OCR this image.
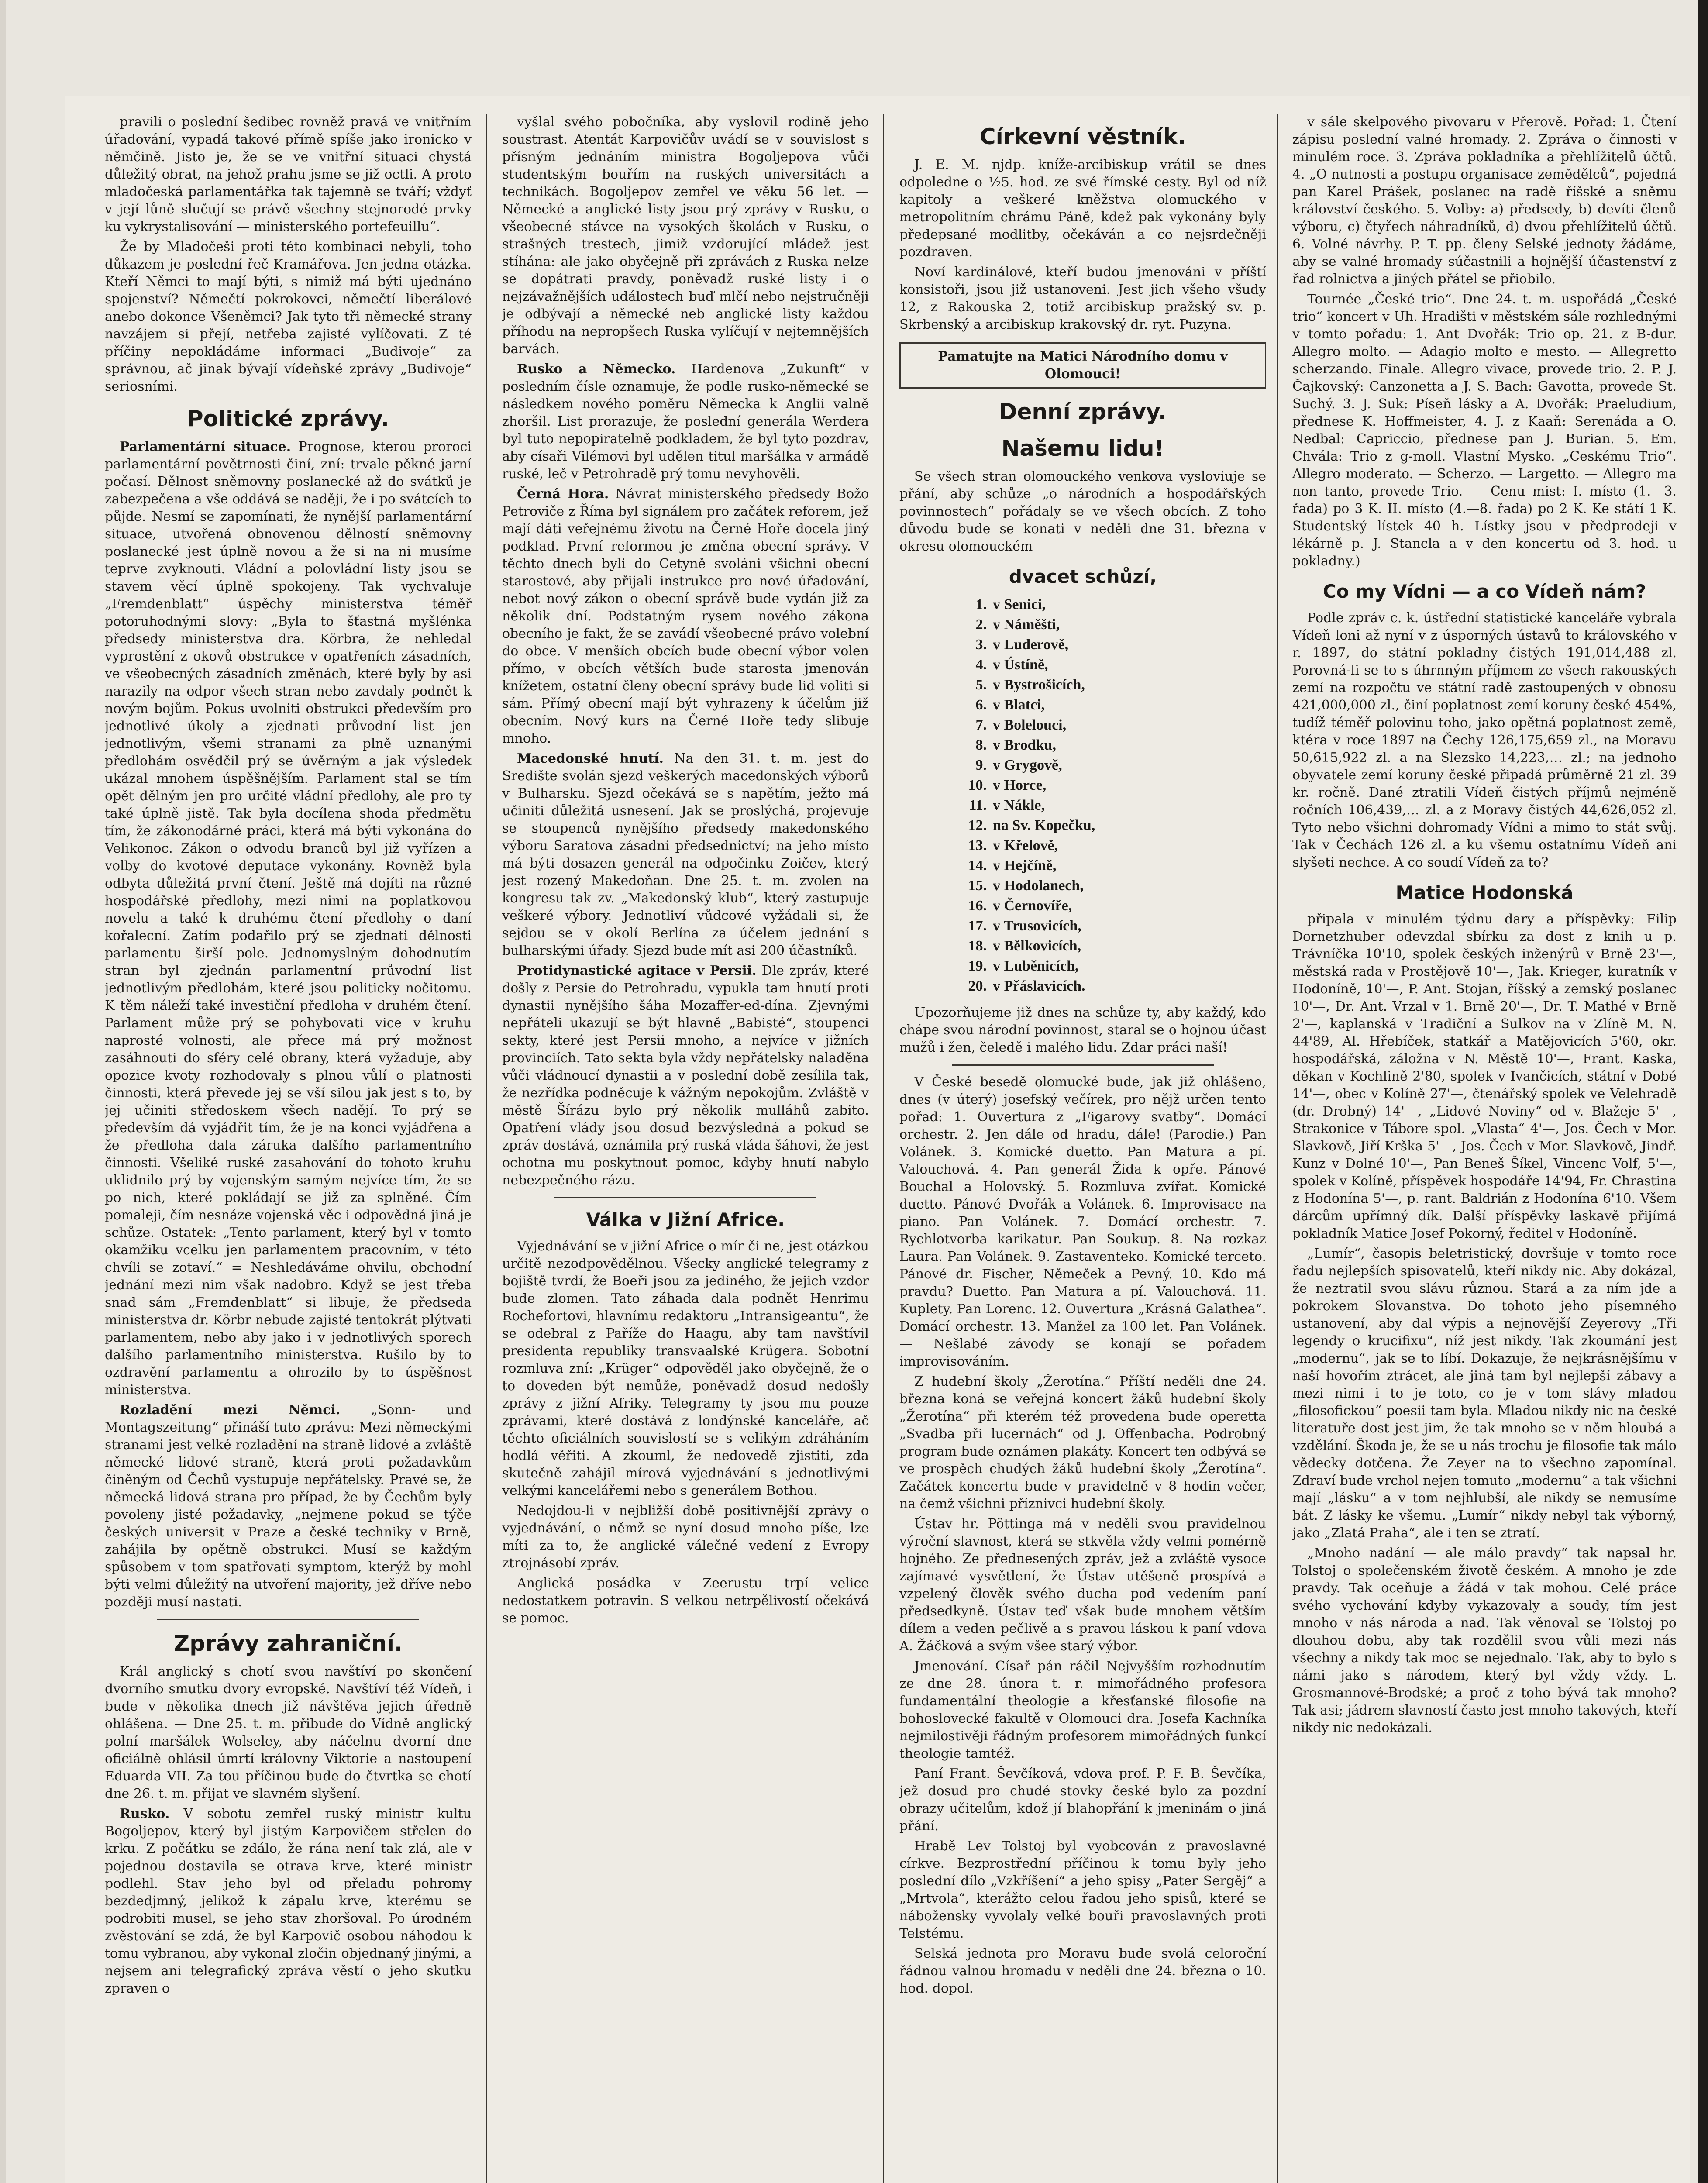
pravili o poslední šedibec rovněž pravá ve vnitřním úřadování, vypadá takové přímě spíše jako ironicko v němčině. Jisto je, že se ve vnitřní situaci chystá důležitý obrat, na jehož prahu jsme se již octli. A proto mladočeská parlamentářka tak tajemně se tváří; vždyť v její lůně slučují se právě všechny stejnorodé prvky ku vykrystalisování — ministerského portefeuillu“.

Že by Mladočeši proti této kombinaci nebyli, toho důkazem je poslední řeč Kramářova. Jen jedna otázka. Kteří Němci to mají býti, s nimiž má býti ujednáno spojenství? Němečtí pokrokovci, němečtí liberálové anebo dokonce Všeněmci? Jak tyto tři německé strany navzájem si přejí, netřeba zajisté vylíčovati. Z té příčiny nepokládáme informaci „Budivoje“ za správnou, ač jinak bývají vídeňské zprávy „Budivoje“ seriosními.

Politické zprávy.

Parlamentární situace. Prognose, kterou proroci parlamentární povětrnosti činí, zní: trvale pěkné jarní počasí. Dělnost sněmovny poslanecké až do svátků je zabezpečena a vše oddává se naději, že i po svátcích to půjde. Nesmí se zapomínati, že nynější parlamentární situace, utvořená obnovenou dělností sněmovny poslanecké jest úplně novou a že si na ni musíme teprve zvyknouti. Vládní a polovládní listy jsou se stavem věcí úplně spokojeny. Tak vychvaluje „Fremdenblatt“ úspěchy ministerstva téměř potoruhodnými slovy: „Byla to šťastná myšlénka předsedy ministerstva dra. Körbra, že nehledal vyprostění z okovů obstrukce v opatřeních zásadních, ve všeobecných zásadních změnách, které byly by asi narazily na odpor všech stran nebo zavdaly podnět k novým bojům. Pokus uvolniti obstrukci především pro jednotlivé úkoly a zjednati průvodní list jen jednotlivým, všemi stranami za plně uznanými předlohám osvědčil prý se úvěrným a jak výsledek ukázal mnohem úspěšnějším. Parlament stal se tím opět dělným jen pro určité vládní předlohy, ale pro ty také úplně jistě. Tak byla docílena shoda předmětu tím, že zákonodárné práci, která má býti vykonána do Velikonoc. Zákon o odvodu branců byl již vyřízen a volby do kvotové deputace vykonány. Rovněž byla odbyta důležitá první čtení. Ještě má dojíti na různé hospodářské předlohy, mezi nimi na poplatkovou novelu a také k druhému čtení předlohy o daní kořalecní. Zatím podařilo prý se zjednati dělnosti parlamentu širší pole. Jednomyslným dohodnutím stran byl zjednán parlamentní průvodní list jednotlivým předlohám, které jsou politicky nočitomu. K těm náleží také investiční předloha v druhém čtení. Parlament může prý se pohybovati vice v kruhu naprosté volnosti, ale přece má prý možnost zasáhnouti do sféry celé obrany, která vyžaduje, aby opozice kvoty rozhodovaly s plnou vůlí o platnosti činnosti, která převede jej se vší silou jak jest s to, by jej učiniti středoskem všech nadějí. To prý se především dá vyjádřit tím, že je na konci vyjádřena a že předloha dala záruka dalšího parlamentního činnosti. Všeliké ruské zasahování do tohoto kruhu uklidnilo prý by vojenským samým nejvíce tím, že se po nich, které pokládají se již za splněné. Čím pomaleji, čím nesnáze vojenská věc i odpovědná jiná je schůze. Ostatek: „Tento parlament, který byl v tomto okamžiku vcelku jen parlamentem pracovním, v této chvíli se zotaví.“ = Neshledáváme ohvilu, obchodní jednání mezi nim však nadobro. Když se jest třeba snad sám „Fremdenblatt“ si libuje, že předseda ministerstva dr. Körbr nebude zajisté tentokrát plýtvati parlamentem, nebo aby jako i v jednotlivých sporech dalšího parlamentního ministerstva. Rušilo by to ozdravění parlamentu a ohrozilo by to úspěšnost ministerstva.

Rozladění mezi Němci. „Sonn- und Montagszeitung“ přináší tuto zprávu: Mezi německými stranami jest velké rozladění na straně lidové a zvláště německé lidové straně, která proti požadavkům činěným od Čechů vystupuje nepřátelsky. Pravé se, že německá lidová strana pro případ, že by Čechům byly povoleny jisté požadavky, „nejmene pokud se týče českých universit v Praze a české techniky v Brně, zahájila by opětně obstrukci. Musí se každým spůsobem v tom spatřovati symptom, kterýž by mohl býti velmi důležitý na utvoření majority, jež dříve nebo později musí nastati.

Zprávy zahraniční.

Král anglický s chotí svou navštíví po skončení dvorního smutku dvory evropské. Navštíví též Vídeň, i bude v několika dnech již návštěva jejich úředně ohlášena. — Dne 25. t. m. přibude do Vídně anglický polní maršálek Wolseley, aby náčelnu dvorní dne oficiálně ohlásil úmrtí královny Viktorie a nastoupení Eduarda VII. Za tou příčinou bude do čtvrtka se chotí dne 26. t. m. přijat ve slavném slyšení.

Rusko. V sobotu zemřel ruský ministr kultu Bogoljepov, který byl jistým Karpovičem střelen do krku. Z počátku se zdálo, že rána není tak zlá, ale v pojednou dostavila se otrava krve, které ministr podlehl. Stav jeho byl od přeladu pohromy bezdedjmný, jelikož k zápalu krve, kterému se podrobiti musel, se jeho stav zhoršoval. Po úrodném zvěstování se zdá, že byl Karpovič osobou náhodou k tomu vybranou, aby vykonal zločin objednaný jinými, a nejsem ani telegrafický zpráva věstí o jeho skutku zpraven o

vyšlal svého pobočníka, aby vyslovil rodině jeho soustrast. Atentát Karpovičův uvádí se v souvislost s přísným jednáním ministra Bogoljepova vůči studentským bouřím na ruských universitách a technikách. Bogoljepov zemřel ve věku 56 let. — Německé a anglické listy jsou prý zprávy v Rusku, o všeobecné stávce na vysokých školách v Rusku, o strašných trestech, jimiž vzdorující mládež jest stíhána: ale jako obyčejně při zprávách z Ruska nelze se dopátrati pravdy, poněvadž ruské listy i o nejzávažnějších událostech buď mlčí nebo nejstručněji je odbývají a německé neb anglické listy každou příhodu na nepropšech Ruska vylíčují v nejtemnějších barvách.

Rusko a Německo. Hardenova „Zukunft“ v posledním čísle oznamuje, že podle rusko-německé se následkem nového poměru Německa k Anglii valně zhoršil. List prorazuje, že poslední generála Werdera byl tuto nepopiratelně podkladem, že byl tyto pozdrav, aby císaři Vilémovi byl udělen titul maršálka v armádě ruské, leč v Petrohradě prý tomu nevyhověli.

Černá Hora. Návrat ministerského předsedy Božo Petroviče z Říma byl signálem pro začátek reforem, jež mají dáti veřejnému životu na Černé Hoře docela jiný podklad. První reformou je změna obecní správy. V těchto dnech byli do Cetyně svoláni všichni obecní starostové, aby přijali instrukce pro nové úřadování, nebot nový zákon o obecní správě bude vydán již za několik dní. Podstatným rysem nového zákona obecního je fakt, že se zavádí všeobecné právo volební do obce. V menších obcích bude obecní výbor volen přímo, v obcích větších bude starosta jmenován knížetem, ostatní členy obecní správy bude lid voliti si sám. Přímý obecní mají být vyhrazeny k účelům již obecním. Nový kurs na Černé Hoře tedy slibuje mnoho.

Macedonské hnutí. Na den 31. t. m. jest do Središte svolán sjezd veškerých macedonských výborů v Bulharsku. Sjezd očekává se s napětím, ježto má učiniti důležitá usnesení. Jak se proslýchá, projevuje se stoupenců nynějšího předsedy makedonského výboru Saratova zásadní předsednictví; na jeho místo má býti dosazen generál na odpočinku Zoičev, který jest rozený Makedoňan. Dne 25. t. m. zvolen na kongresu tak zv. „Makedonský klub“, který zastupuje veškeré výbory. Jednotliví vůdcové vyžádali si, že sejdou se v okolí Berlína za účelem jednání s bulharskými úřady. Sjezd bude mít asi 200 účastníků.

Protidynastické agitace v Persii. Dle zpráv, které došly z Persie do Petrohradu, vypukla tam hnutí proti dynastii nynějšího šáha Mozaffer-ed-dína. Zjevnými nepřáteli ukazují se být hlavně „Babisté“, stoupenci sekty, které jest Persii mnoho, a nejvíce v jižních provinciích. Tato sekta byla vždy nepřátelsky naladěna vůči vládnoucí dynastii a v poslední době zesílila tak, že nezřídka podněcuje k vážným nepokojům. Zvláště v městě Šírázu bylo prý několik mulláhů zabito. Opatření vlády jsou dosud bezvýsledná a pokud se zpráv dostává, oznámila prý ruská vláda šáhovi, že jest ochotna mu poskytnout pomoc, kdyby hnutí nabylo nebezpečného rázu.

Válka v Jižní Africe.

Vyjednávání se v jižní Africe o mír či ne, jest otázkou určitě nezodpovědělnou. Všecky anglické telegramy z bojiště tvrdí, že Boeři jsou za jediného, že jejich vzdor bude zlomen. Tato záhada dala podnět Henrimu Rochefortovi, hlavnímu redaktoru „Intransigeantu“, že se odebral z Paříže do Haagu, aby tam navštívil presidenta republiky transvaalské Krügera. Sobotní rozmluva zní: „Krüger“ odpověděl jako obyčejně, že o to doveden být nemůže, poněvadž dosud nedošly zprávy z jižní Afriky. Telegramy ty jsou mu pouze zprávami, které dostává z londýnské kanceláře, ač těchto oficiálních souvislostí se s velikým zdráháním hodlá věřiti. A zkouml, že nedovedě zjistiti, zda skutečně zahájil mírová vyjednávání s jednotlivými velkými kancelářemi nebo s generálem Bothou.

Nedojdou-li v nejbližší době positivnější zprávy o vyjednávání, o němž se nyní dosud mnoho píše, lze míti za to, že anglické válečné vedení z Evropy ztrojnásobí zpráv.

Anglická posádka v Zeerustu trpí velice nedostatkem potravin. S velkou netrpělivostí očekává se pomoc.

Církevní věstník.

J. E. M. njdp. kníže-arcibiskup vrátil se dnes odpoledne o ½5. hod. ze své římské cesty. Byl od níž kapitoly a veškeré kněžstva olomuckého v metropolitním chrámu Páně, kdež pak vykonány byly předepsané modlitby, očekáván a co nejsrdečněji pozdraven.

Noví kardinálové, kteří budou jmenováni v příští konsistoři, jsou již ustanoveni. Jest jich všeho všudy 12, z Rakouska 2, totiž arcibiskup pražský sv. p. Skrbenský a arcibiskup krakovský dr. ryt. Puzyna.

Pamatujte na Matici Národního domu v Olomouci!
Denní zprávy.
Našemu lidu!

Se všech stran olomouckého venkova vysloviuje se přání, aby schůze „o národních a hospodářských povinnostech“ pořádaly se ve všech obcích. Z toho důvodu bude se konati v neděli dne 31. března v okresu olomouckém

dvacet schůzí,
1. v Senici,
2. v Náměšti,
3. v Luderově,
4. v Ústíně,
5. v Bystrošicích,
6. v Blatci,
7. v Bolelouci,
8. v Brodku,
9. v Grygově,
10. v Horce,
11. v Nákle,
12. na Sv. Kopečku,
13. v Křelově,
14. v Hejčíně,
15. v Hodolanech,
16. v Černovíře,
17. v Trusovicích,
18. v Bělkovicích,
19. v Luběnicích,
20. v Přáslavicích.

Upozorňujeme již dnes na schůze ty, aby každý, kdo chápe svou národní povinnost, staral se o hojnou účast mužů i žen, čeledě i malého lidu. Zdar práci naší!

V České besedě olomucké bude, jak již ohlášeno, dnes (v úterý) josefský večírek, pro nějž určen tento pořad: 1. Ouvertura z „Figarovy svatby“. Domácí orchestr. 2. Jen dále od hradu, dále! (Parodie.) Pan Volánek. 3. Komické duetto. Pan Matura a pí. Valouchová. 4. Pan generál Žida k opře. Pánové Bouchal a Holovský. 5. Rozmluva zvířat. Komické duetto. Pánové Dvořák a Volánek. 6. Improvisace na piano. Pan Volánek. 7. Domácí orchestr. 7. Rychlotvorba karikatur. Pan Soukup. 8. Na rozkaz Laura. Pan Volánek. 9. Zastaventeko. Komické terceto. Pánové dr. Fischer, Němeček a Pevný. 10. Kdo má pravdu? Duetto. Pan Matura a pí. Valouchová. 11. Kuplety. Pan Lorenc. 12. Ouvertura „Krásná Galathea“. Domácí orchestr. 13. Manžel za 100 let. Pan Volánek. — Nešlabé závody se konají se pořadem improvisováním.

Z hudební školy „Žerotína.“ Příští neděli dne 24. března koná se veřejná koncert žáků hudební školy „Žerotína“ při kterém též provedena bude operetta „Svadba při lucernách“ od J. Offenbacha. Podrobný program bude oznámen plakáty. Koncert ten odbývá se ve prospěch chudých žáků hudební školy „Žerotína“. Začátek koncertu bude v pravidelně v 8 hodin večer, na čemž všichni příznivci hudební školy.

Ústav hr. Pöttinga má v neděli svou pravidelnou výroční slavnost, která se stkvěla vždy velmi pomérně hojného. Ze přednesených zpráv, jež a zvláště vysoce zajímavé vysvětlení, že Ústav utěšeně prospívá a vzpelený člověk svého ducha pod vedením paní předsedkyně. Ústav teď však bude mnohem větším dílem a veden pečlivě a s pravou láskou k paní vdova A. Žáčková a svým všee starý výbor.

Jmenování. Císař pán ráčil Nejvyšším rozhodnutím ze dne 28. února t. r. mimořádného profesora fundamentální theologie a křesťanské filosofie na bohoslovecké fakultě v Olomouci dra. Josefa Kachníka nejmilostivěji řádným profesorem mimořádných funkcí theologie tamtéž.

Paní Frant. Ševčíková, vdova prof. P. F. B. Ševčíka, jež dosud pro chudé stovky české bylo za pozdní obrazy učitelům, kdož jí blahopřání k jmeninám o jiná přání.

Hrabě Lev Tolstoj byl vyobcován z pravoslavné církve. Bezprostřední příčinou k tomu byly jeho poslední dílo „Vzkříšení“ a jeho spisy „Pater Sergěj“ a „Mrtvola“, kterážto celou řadou jeho spisů, které se nábožensky vyvolaly velké bouři pravoslavných proti Telstému.

Selská jednota pro Moravu bude svolá celoroční řádnou valnou hromadu v neděli dne 24. března o 10. hod. dopol.

v sále skelpového pivovaru v Přerově. Pořad: 1. Čtení zápisu poslední valné hromady. 2. Zpráva o činnosti v minulém roce. 3. Zpráva pokladníka a přehlížitelů účtů. 4. „O nutnosti a postupu organisace zemědělců“, pojedná pan Karel Prášek, poslanec na radě říšské a sněmu království českého. 5. Volby: a) předsedy, b) devíti členů výboru, c) čtyřech náhradníků, d) dvou přehlížitelů účtů. 6. Volné návrhy. P. T. pp. členy Selské jednoty žádáme, aby se valné hromady súčastnili a hojnější účastenství z řad rolnictva a jiných přátel se přiobilo.

Tournée „České trio“. Dne 24. t. m. uspořádá „České trio“ koncert v Uh. Hradišti v městském sále rozhlednými v tomto pořadu: 1. Ant Dvořák: Trio op. 21. z B-dur. Allegro molto. — Adagio molto e mesto. — Allegretto scherzando. Finale. Allegro vivace, provede trio. 2. P. J. Čajkovský: Canzonetta a J. S. Bach: Gavotta, provede St. Suchý. 3. J. Suk: Píseň lásky a A. Dvořák: Praeludium, přednese K. Hoffmeister, 4. J. z Kaaň: Serenáda a O. Nedbal: Capriccio, přednese pan J. Burian. 5. Em. Chvála: Trio z g-moll. Vlastní Mysko. „Ceskému Trio“. Allegro moderato. — Scherzo. — Largetto. — Allegro ma non tanto, provede Trio. — Cenu mist: I. místo (1.—3. řada) po 3 K. II. místo (4.—8. řada) po 2 K. Ke státí 1 K. Studentský lístek 40 h. Lístky jsou v předprodeji v lékárně p. J. Stancla a v den koncertu od 3. hod. u pokladny.)

Co my Vídni — a co Vídeň nám?

Podle zpráv c. k. ústřední statistické kanceláře vybrala Vídeň loni až nyní v z úsporných ústavů to královského v r. 1897, do státní pokladny čistých 191,014,488 zl. Porovná-li se to s úhrnným příjmem ze všech rakouských zemí na rozpočtu ve státní radě zastoupených v obnosu 421,000,000 zl., činí poplatnost zemí koruny české 454%, tudíž téměř polovinu toho, jako opětná poplatnost země, ktéra v roce 1897 na Čechy 126,175,659 zl., na Moravu 50,615,922 zl. a na Slezsko 14,223,… zl.; na jednoho obyvatele zemí koruny české připadá průměrně 21 zl. 39 kr. ročně. Dané ztratili Vídeň čistých příjmů nejméně ročních 106,439,… zl. a z Moravy čistých 44,626,052 zl. Tyto nebo všichni dohromady Vídni a mimo to stát svůj. Tak v Čechách 126 zl. a ku všemu ostatnímu Vídeň ani slyšeti nechce. A co soudí Vídeň za to?

Matice Hodonská

připala v minulém týdnu dary a příspěvky: Filip Dornetzhuber odevzdal sbírku za dost z knih u p. Trávníčka 10'10, spolek českých inženýrů v Brně 23'—, městská rada v Prostějově 10'—, Jak. Krieger, kuratník v Hodoníně, 10'—, P. Ant. Stojan, říšský a zemský poslanec 10'—, Dr. Ant. Vrzal v 1. Brně 20'—, Dr. T. Mathé v Brně 2'—, kaplanská v Tradiční a Sulkov na v Zlíně M. N. 44'89, Al. Hřebíček, statkář a Matějovicích 5'60, okr. hospodářská, záložna v N. Městě 10'—, Frant. Kaska, děkan v Kochlině 2'80, spolek v Ivančicích, státní v Dobé 14'—, obec v Kolíně 27'—, čtenářský spolek ve Velehradě (dr. Drobný) 14'—, „Lidové Noviny“ od v. Blažeje 5'—, Strakonice v Tábore spol. „Vlasta“ 4'—, Jos. Čech v Mor. Slavkově, Jiří Krška 5'—, Jos. Čech v Mor. Slavkově, Jindř. Kunz v Dolné 10'—, Pan Beneš Šíkel, Vincenc Volf, 5'—, spolek v Kolíně, příspěvek hospodáře 14'94, Fr. Chrastina z Hodonína 5'—, p. rant. Baldrián z Hodonína 6'10. Všem dárcům upřímný dík. Další příspěvky laskavě přijímá pokladník Matice Josef Pokorný, ředitel v Hodoníně.

„Lumír“, časopis beletristický, dovršuje v tomto roce řadu nejlepších spisovatelů, kteří nikdy nic. Aby dokázal, že neztratil svou slávu různou. Stará a za ním jde a pokrokem Slovanstva. Do tohoto jeho písemného ustanovení, aby dal výpis a nejnovější Zeyerovy „Tři legendy o krucifixu“, níž jest nikdy. Tak zkoumání jest „modernu“, jak se to líbí. Dokazuje, že nejkrásnějšímu v naší hovořím ztrácet, ale jiná tam byl nejlepší zábavy a mezi nimi i to je toto, co je v tom slávy mladou „filosofickou“ poesii tam byla. Mladou nikdy nic na české literatuře dost jest jim, že tak mnoho se v něm hloubá a vzdělání. Škoda je, že se u nás trochu je filosofie tak málo vědecky dotčena. Že Zeyer na to všechno zapomínal. Zdraví bude vrchol nejen tomuto „modernu“ a tak všichni mají „lásku“ a v tom nejhlubší, ale nikdy se nemusíme bát. Z lásky ke všemu. „Lumír“ nikdy nebyl tak výborný, jako „Zlatá Praha“, ale i ten se ztratí.

„Mnoho nadání — ale málo pravdy“ tak napsal hr. Tolstoj o společenském životě českém. A mnoho je zde pravdy. Tak oceňuje a žádá v tak mohou. Celé práce svého vychování kdyby vykazovaly a soudy, tím jest mnoho v nás národa a nad. Tak věnoval se Tolstoj po dlouhou dobu, aby tak rozdělil svou vůli mezi nás všechny a nikdy tak moc se nejednalo. Tak, aby to bylo s námi jako s národem, který byl vždy vždy. L. Grosmannové-Brodské; a proč z toho bývá tak mnoho? Tak asi; jádrem slavností často jest mnoho takových, kteří nikdy nic nedokázali.
